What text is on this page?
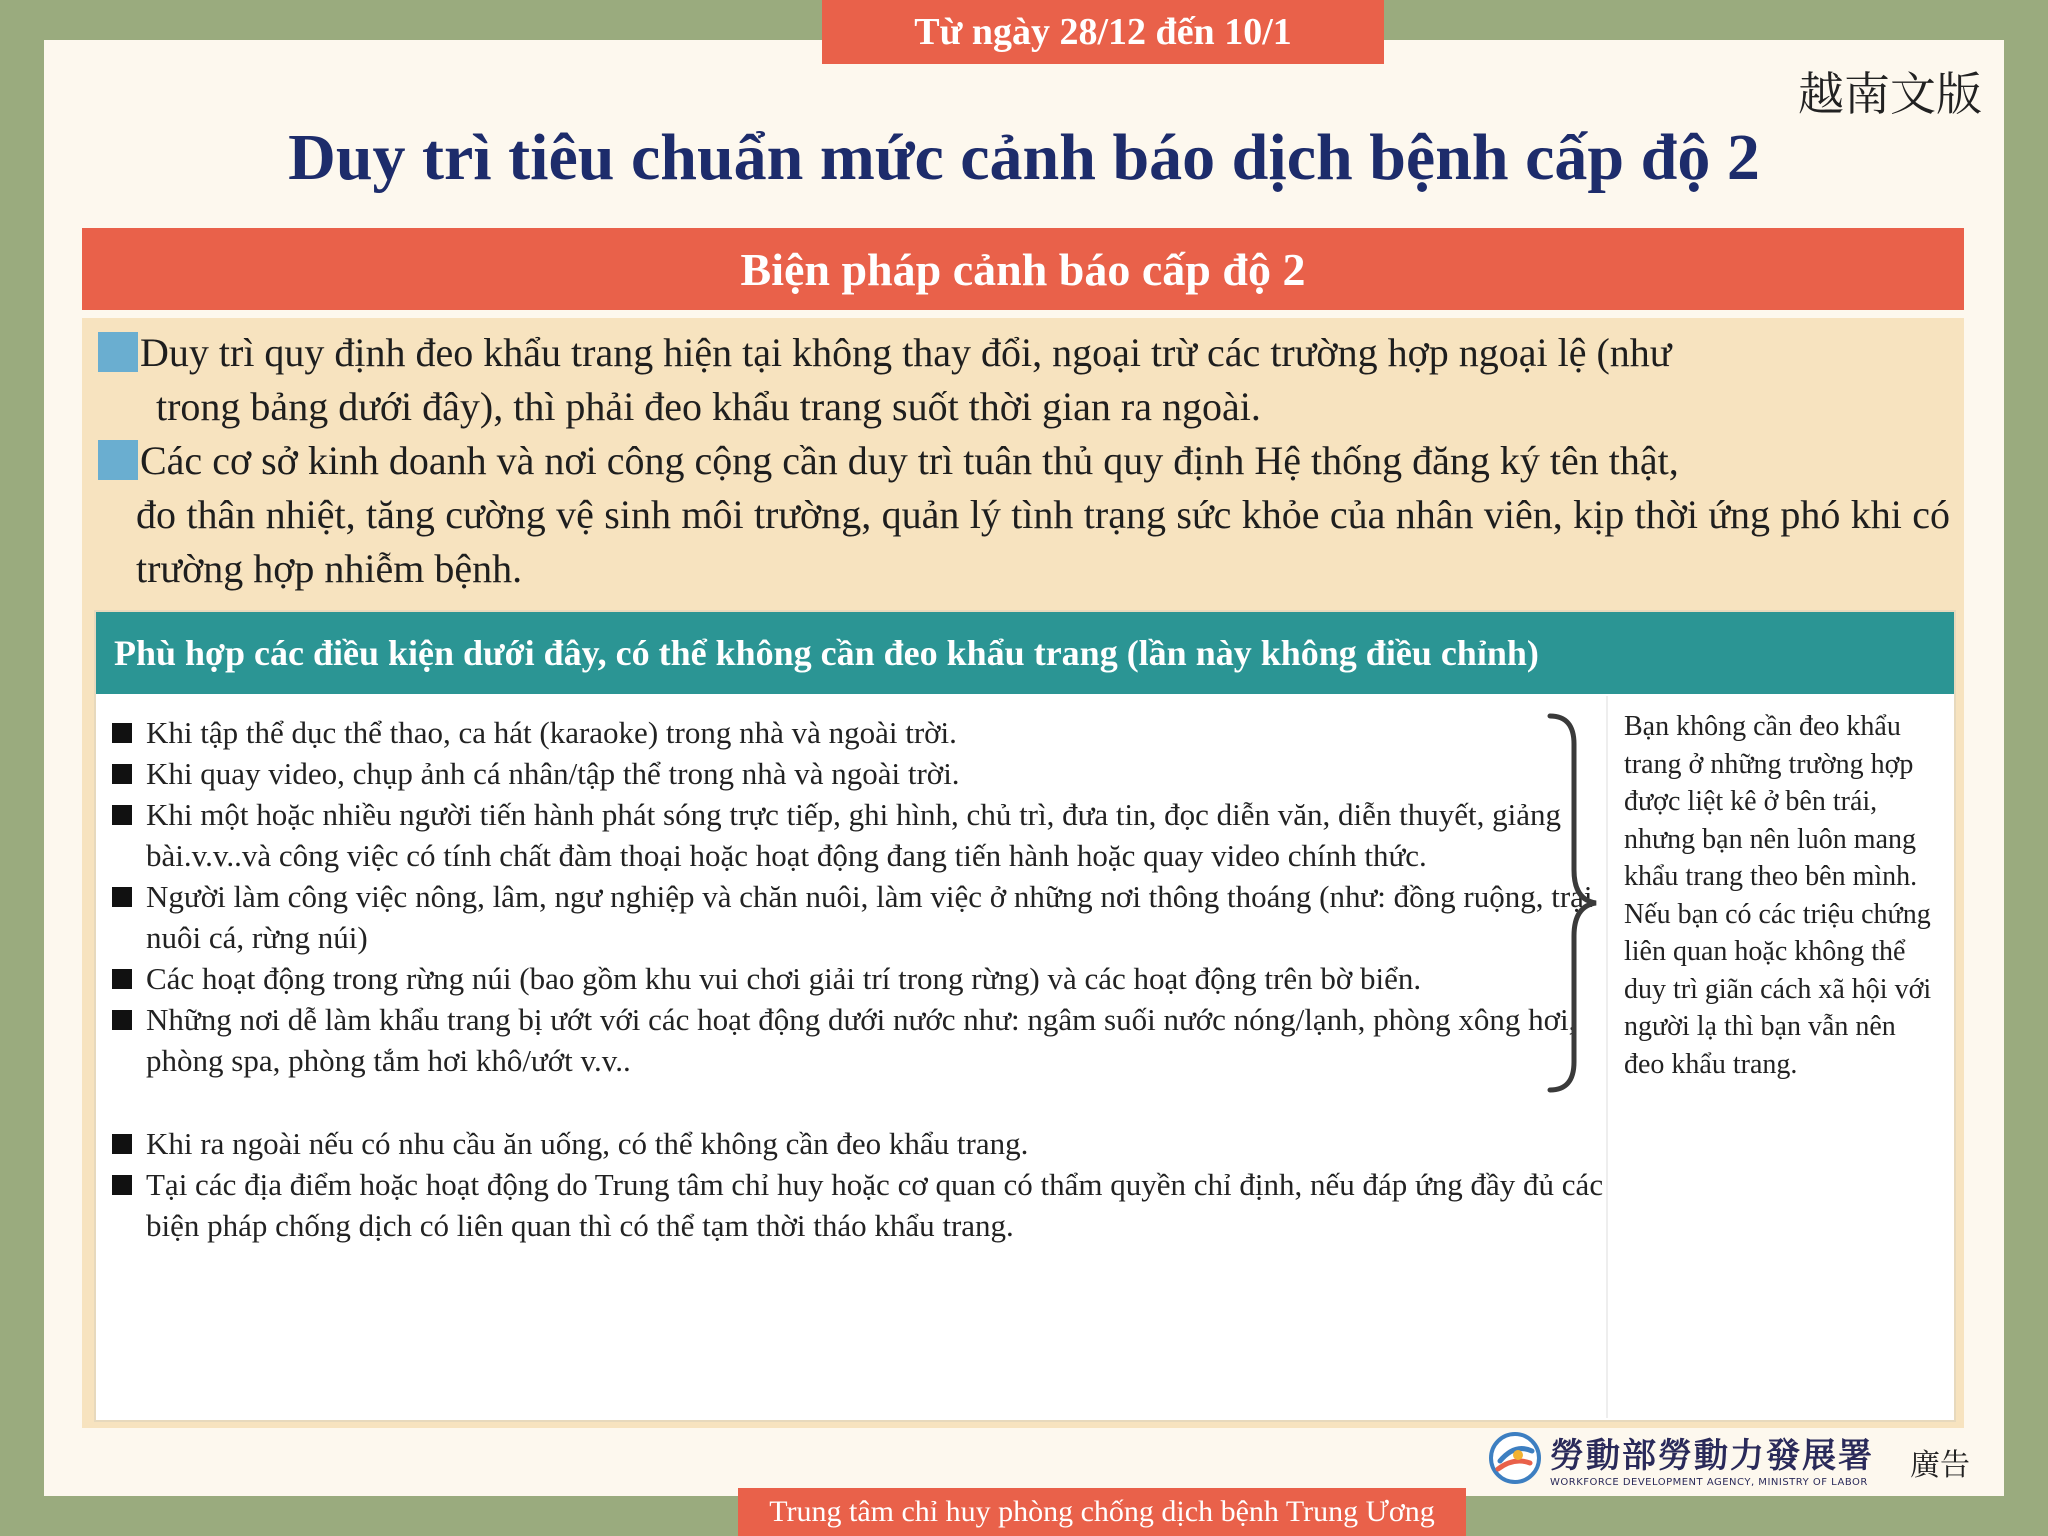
Từ ngày 28/12 đến 10/1
越南文版
Duy trì tiêu chuẩn mức cảnh báo dịch bệnh cấp độ 2
Biện pháp cảnh báo cấp độ 2

Duy trì quy định đeo khẩu trang hiện tại không thay đổi, ngoại trừ các trường hợp ngoại lệ (như
trong bảng dưới đây), thì phải đeo khẩu trang suốt thời gian ra ngoài.

Các cơ sở kinh doanh và nơi công cộng cần duy trì tuân thủ quy định Hệ thống đăng ký tên thật,
đo thân nhiệt, tăng cường vệ sinh môi trường, quản lý tình trạng sức khỏe của nhân viên, kịp thời ứng phó khi có trường hợp nhiễm bệnh.

Phù hợp các điều kiện dưới đây, có thể không cần đeo khẩu trang (lần này không điều chỉnh)
Khi tập thể dục thể thao, ca hát (karaoke) trong nhà và ngoài trời.
Khi quay video, chụp ảnh cá nhân/tập thể trong nhà và ngoài trời.
Khi một hoặc nhiều người tiến hành phát sóng trực tiếp, ghi hình, chủ trì, đưa tin, đọc diễn văn, diễn thuyết, giảng bài.v.v..và công việc có tính chất đàm thoại hoặc hoạt động đang tiến hành hoặc quay video chính thức.
Người làm công việc nông, lâm, ngư nghiệp và chăn nuôi, làm việc ở những nơi thông thoáng (như: đồng ruộng, trại nuôi cá, rừng núi)
Các hoạt động trong rừng núi (bao gồm khu vui chơi giải trí trong rừng) và các hoạt động trên bờ biển.
Những nơi dễ làm khẩu trang bị ướt với các hoạt động dưới nước như: ngâm suối nước nóng/lạnh, phòng xông hơi, phòng spa, phòng tắm hơi khô/ướt v.v..
Khi ra ngoài nếu có nhu cầu ăn uống, có thể không cần đeo khẩu trang.
Tại các địa điểm hoặc hoạt động do Trung tâm chỉ huy hoặc cơ quan có thẩm quyền chỉ định, nếu đáp ứng đầy đủ các biện pháp chống dịch có liên quan thì có thể tạm thời tháo khẩu trang.
Bạn không cần đeo khẩu trang ở những trường hợp được liệt kê ở bên trái, nhưng bạn nên luôn mang khẩu trang theo bên mình. Nếu bạn có các triệu chứng liên quan hoặc không thể duy trì giãn cách xã hội với người lạ thì bạn vẫn nên đeo khẩu trang.
勞動部勞動力發展署
WORKFORCE DEVELOPMENT AGENCY, MINISTRY OF LABOR 廣告
Trung tâm chỉ huy phòng chống dịch bệnh Trung Ương
